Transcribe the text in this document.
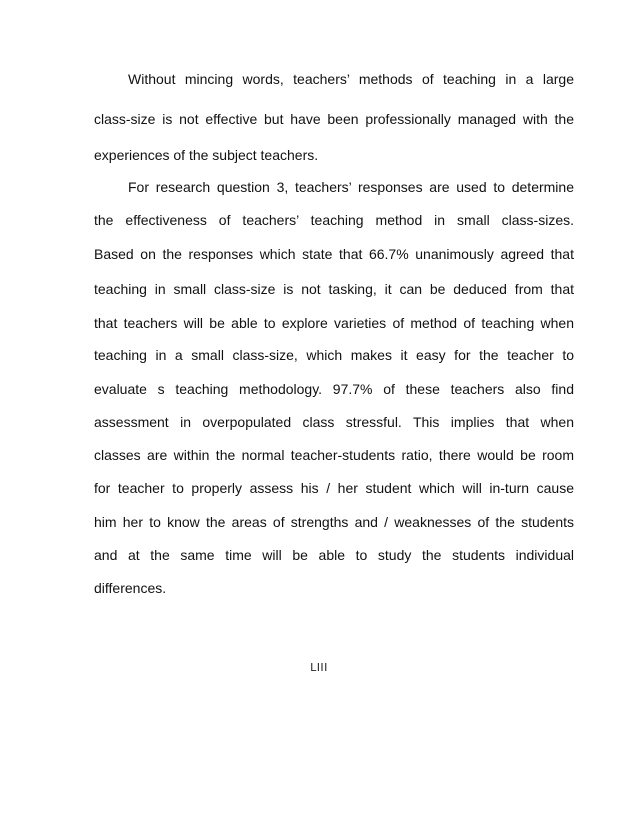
Without mincing words, teachers’ methods of teaching in a large
class-size is not effective but have been professionally managed with the
experiences of the subject teachers.
For research question 3, teachers’ responses are used to determine
the effectiveness of teachers’ teaching method in small class-sizes.
Based on the responses which state that 66.7% unanimously agreed that
teaching in small class-size is not tasking, it can be deduced from that
that teachers will be able to explore varieties of method of teaching when
teaching in a small class-size, which makes it easy for the teacher to
evaluate s teaching methodology. 97.7% of these teachers also find
assessment in overpopulated class stressful. This implies that when
classes are within the normal teacher-students ratio, there would be room
for teacher to properly assess his / her student which will in-turn cause
him her to know the areas of strengths and / weaknesses of the students
and at the same time will be able to study the students individual
differences.
LIII
